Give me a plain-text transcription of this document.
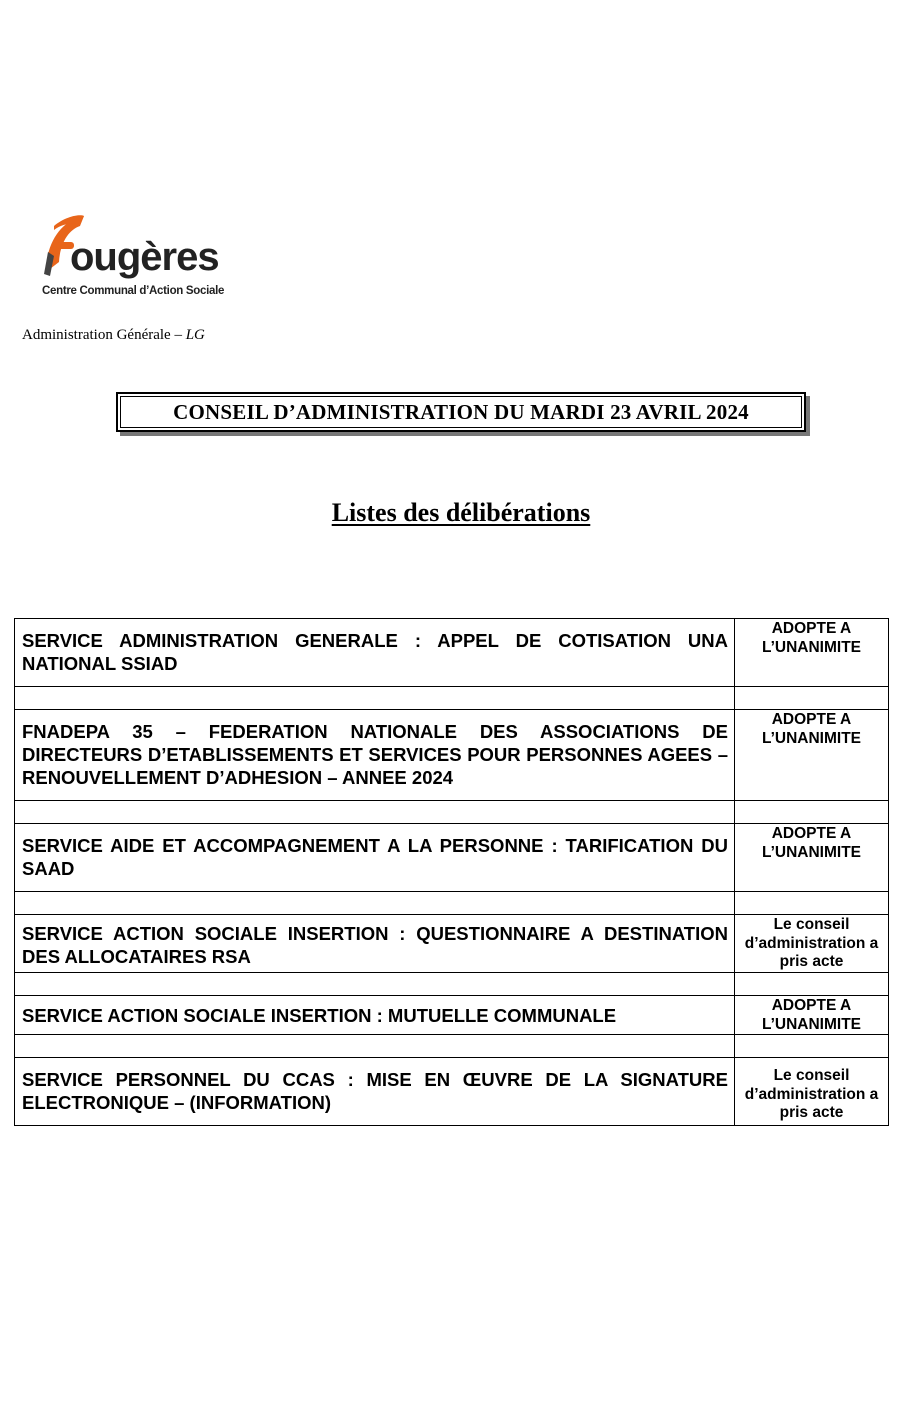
ougères
Centre Communal d’Action Sociale
Administration Générale – LG
CONSEIL D’ADMINISTRATION DU MARDI 23 AVRIL 2024
Listes des délibérations
SERVICE ADMINISTRATION GENERALE : APPEL DE COTISATION UNA NATIONAL SSIAD	ADOPTE A L’UNANIMITE

FNADEPA 35 – FEDERATION NATIONALE DES ASSOCIATIONS DE DIRECTEURS D’ETABLISSEMENTS ET SERVICES POUR PERSONNES AGEES – RENOUVELLEMENT D’ADHESION – ANNEE 2024	ADOPTE A L’UNANIMITE

SERVICE AIDE ET ACCOMPAGNEMENT A LA PERSONNE : TARIFICATION DU SAAD	ADOPTE A L’UNANIMITE

SERVICE ACTION SOCIALE INSERTION : QUESTIONNAIRE A DESTINATION DES ALLOCATAIRES RSA	Le conseil d’administration a pris acte

SERVICE ACTION SOCIALE INSERTION : MUTUELLE COMMUNALE	ADOPTE A L’UNANIMITE

SERVICE PERSONNEL DU CCAS : MISE EN ŒUVRE DE LA SIGNATURE ELECTRONIQUE – (INFORMATION)	Le conseil d’administration a pris acte
